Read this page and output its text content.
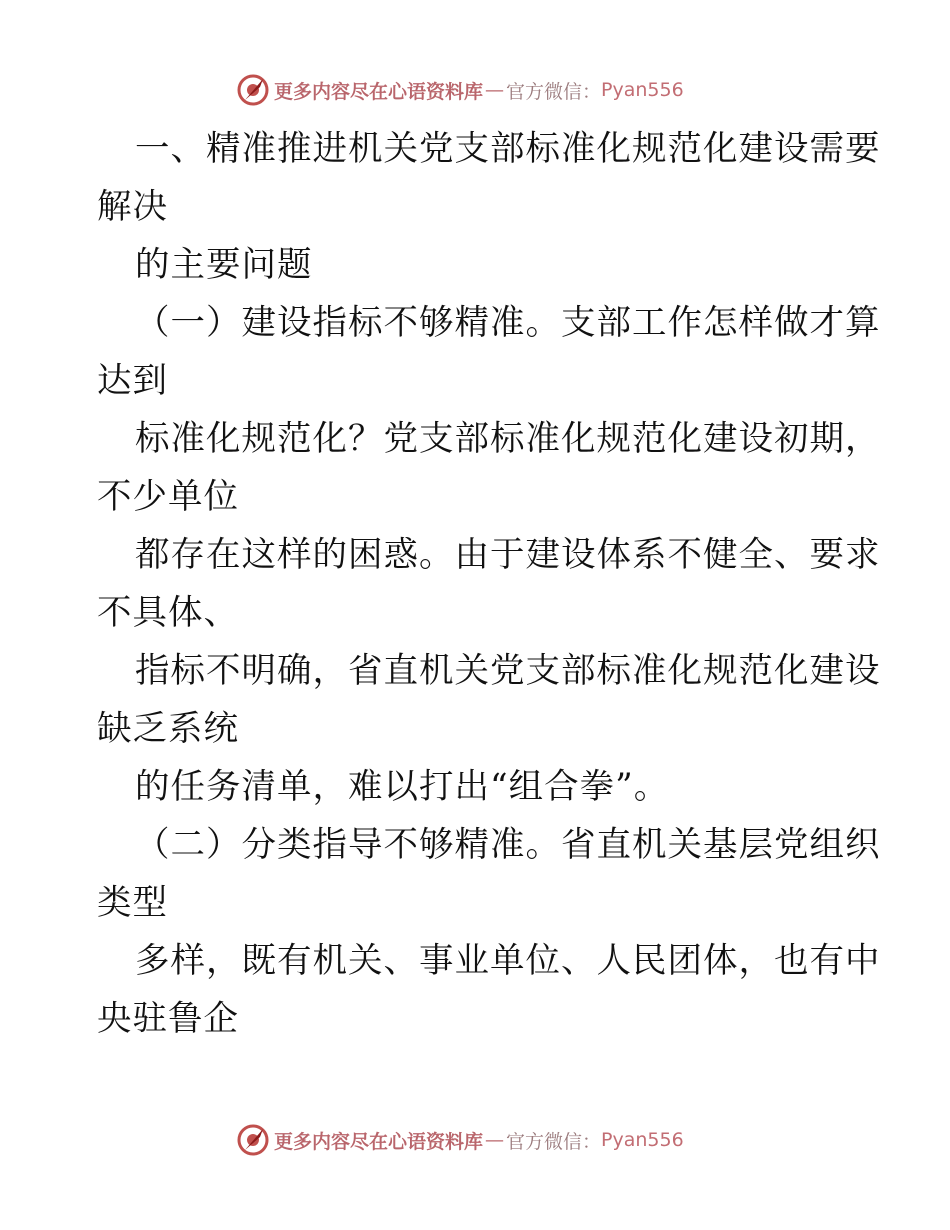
更多内容尽在心语资料库 — 官方微信： Pyan556
一、精准推进机关党支部标准化规范化建设需要
解决
的主要问题
（一）建设指标不够精准。支部工作怎样做才算
达到
标准化规范化？党支部标准化规范化建设初期，
不少单位
都存在这样的困惑。由于建设体系不健全、要求
不具体、
指标不明确，省直机关党支部标准化规范化建设
缺乏系统
的任务清单，难以打出“组合拳”。
（二）分类指导不够精准。省直机关基层党组织
类型
多样，既有机关、事业单位、人民团体，也有中
央驻鲁企
更多内容尽在心语资料库 — 官方微信： Pyan556
